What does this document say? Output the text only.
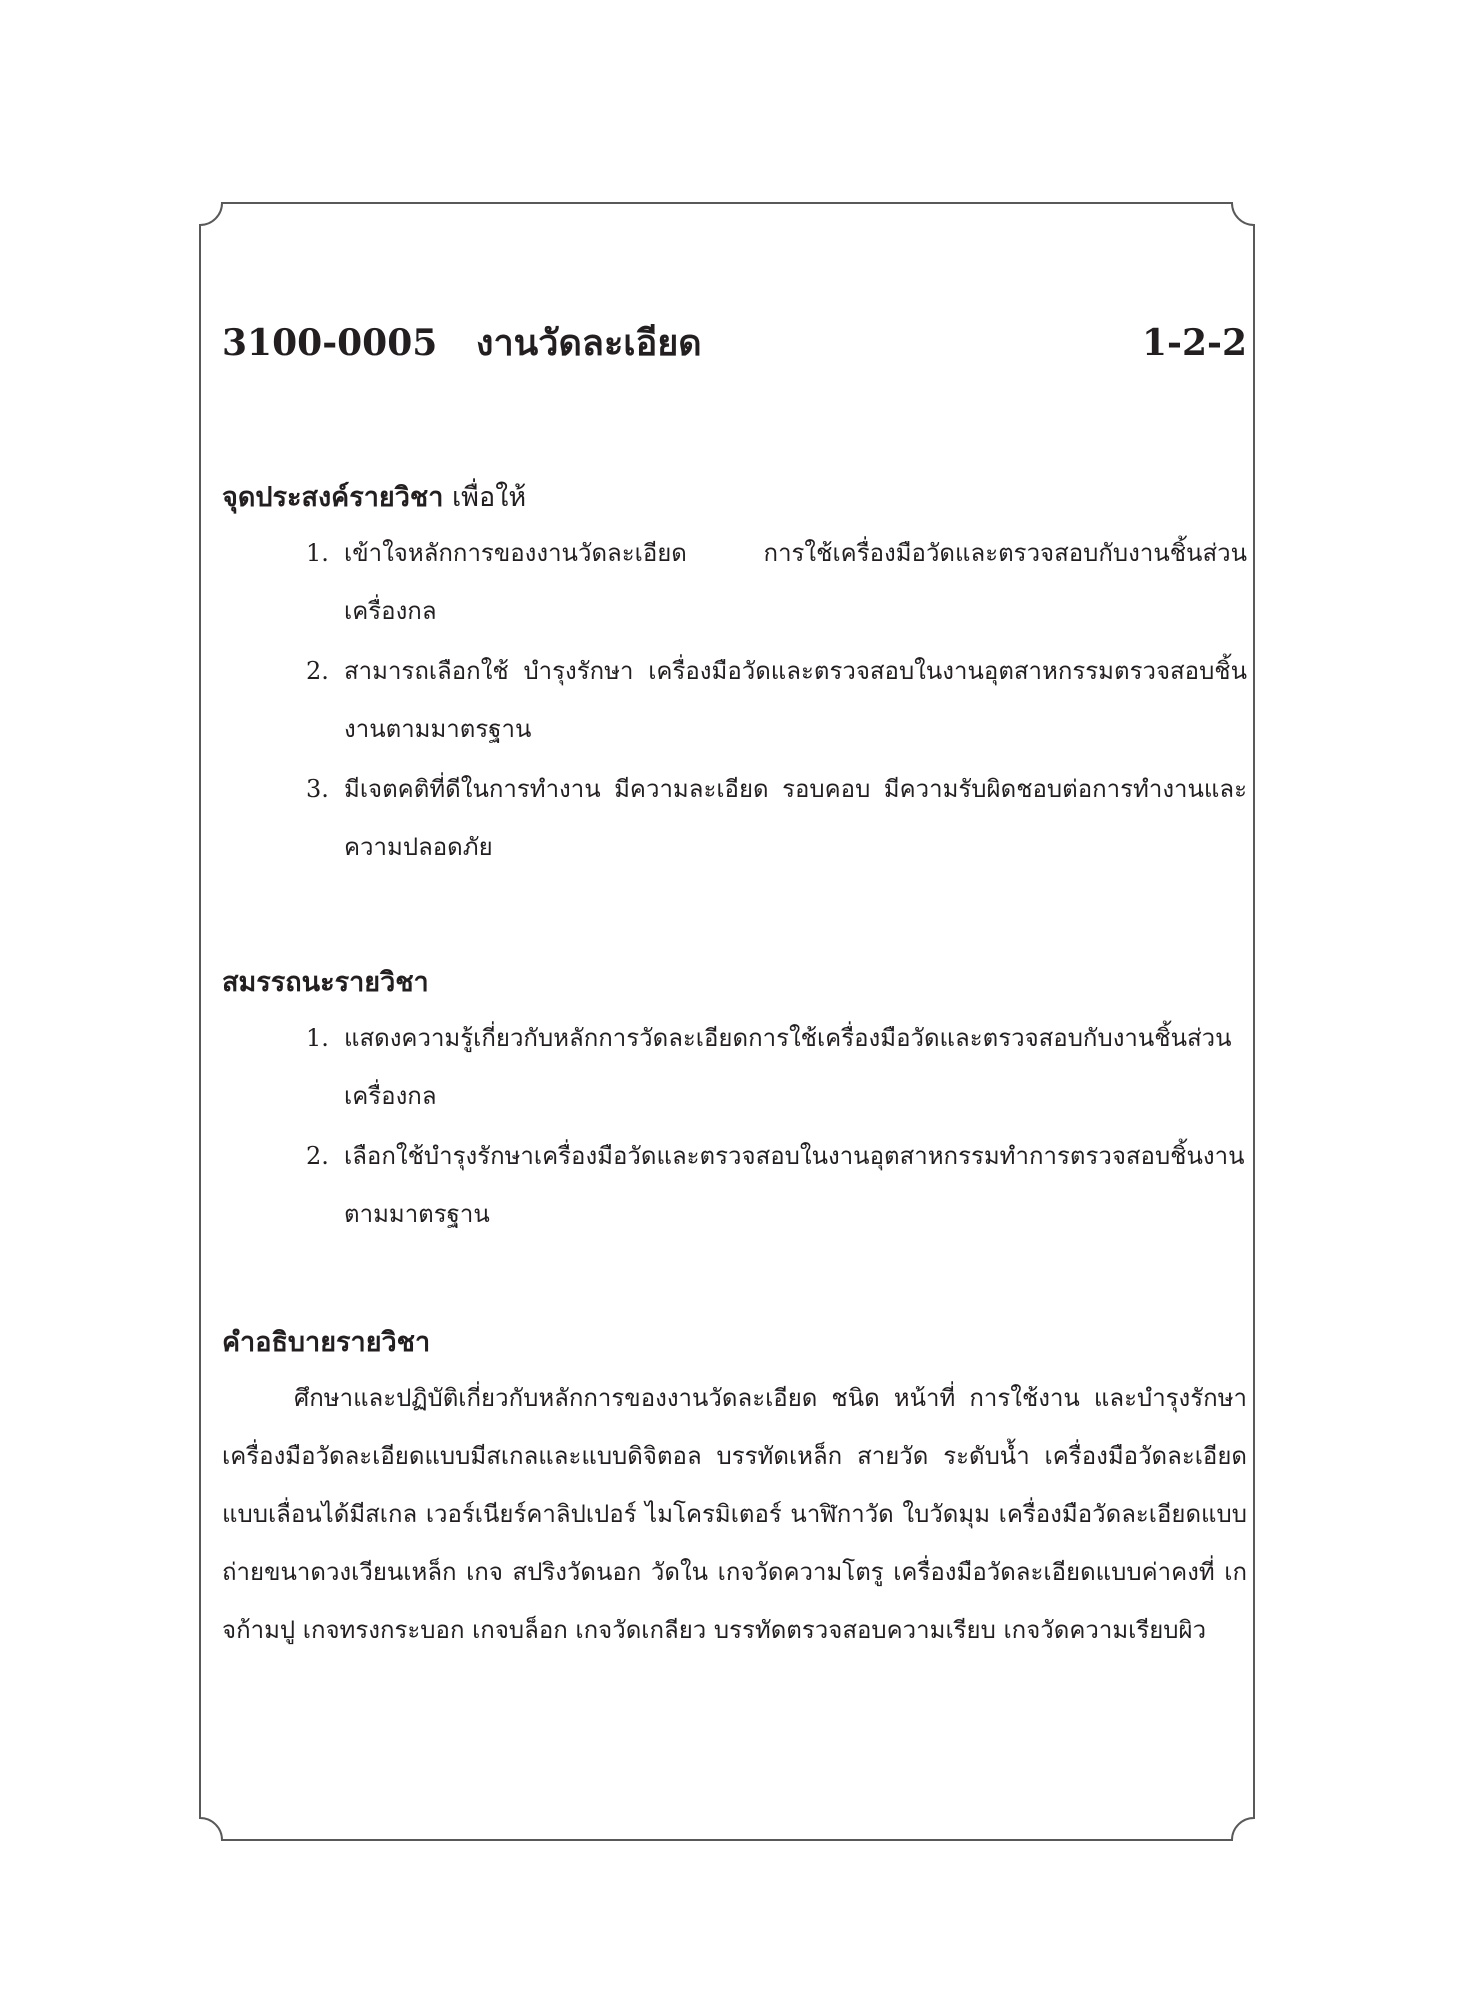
3100-0005 งานวัดละเอียด	1-2-2
จุดประสงค์รายวิชา เพื่อให้
1. เข้าใจหลักการของงานวัดละเอียด การใช้เครื่องมือวัดและตรวจสอบกับงานชิ้นส่วนเครื่องกล
2. สามารถเลือกใช้ บำรุงรักษา เครื่องมือวัดและตรวจสอบในงานอุตสาหกรรมตรวจสอบชิ้นงานตามมาตรฐาน
3. มีเจตคติที่ดีในการทำงาน มีความละเอียด รอบคอบ มีความรับผิดชอบต่อการทำงานและความปลอดภัย
สมรรถนะรายวิชา
1. แสดงความรู้เกี่ยวกับหลักการวัดละเอียดการใช้เครื่องมือวัดและตรวจสอบกับงานชิ้นส่วนเครื่องกล
2. เลือกใช้บำรุงรักษาเครื่องมือวัดและตรวจสอบในงานอุตสาหกรรมทำการตรวจสอบชิ้นงานตามมาตรฐาน
คำอธิบายรายวิชา

ศึกษาและปฏิบัติเกี่ยวกับหลักการของงานวัดละเอียด ชนิด หน้าที่ การใช้งาน และบำรุงรักษา เครื่องมือวัดละเอียดแบบมีสเกลและแบบดิจิตอล บรรทัดเหล็ก สายวัด ระดับน้ำ เครื่องมือวัดละเอียดแบบเลื่อนได้มีสเกล เวอร์เนียร์คาลิปเปอร์ ไมโครมิเตอร์ นาฬิกาวัด ใบวัดมุม เครื่องมือวัดละเอียดแบบถ่ายขนาดวงเวียนเหล็ก เกจ สปริงวัดนอก วัดใน เกจวัดความโตรู เครื่องมือวัดละเอียดแบบค่าคงที่ เกจก้ามปู เกจทรงกระบอก เกจบล็อก เกจวัดเกลียว บรรทัดตรวจสอบความเรียบ เกจวัดความเรียบผิว
